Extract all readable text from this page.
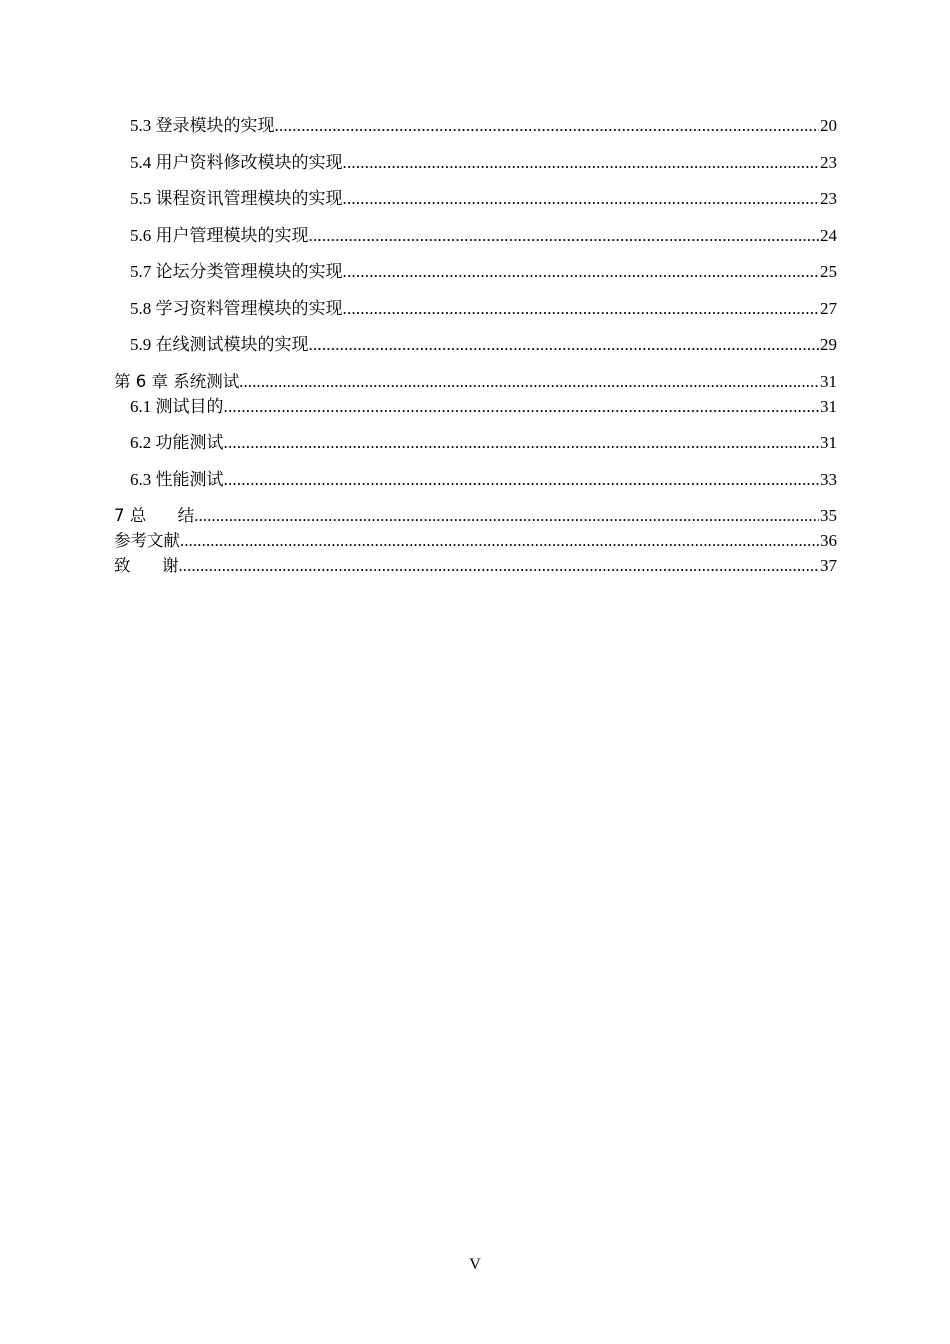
5.3 登录模块的实现 .....	20
5.4 用户资料修改模块的实现 .....	23
5.5 课程资讯管理模块的实现 .....	23
5.6 用户管理模块的实现 .....	24
5.7 论坛分类管理模块的实现 .....	25
5.8 学习资料管理模块的实现 .....	27
5.9 在线测试模块的实现 .....	29
第 6 章 系统测试 .....	31
6.1 测试目的 .....	31
6.2 功能测试 .....	31
6.3 性能测试 .....	33
7 总      结 .....	35
参考文献 .....	36
致      谢 .....	37
V
